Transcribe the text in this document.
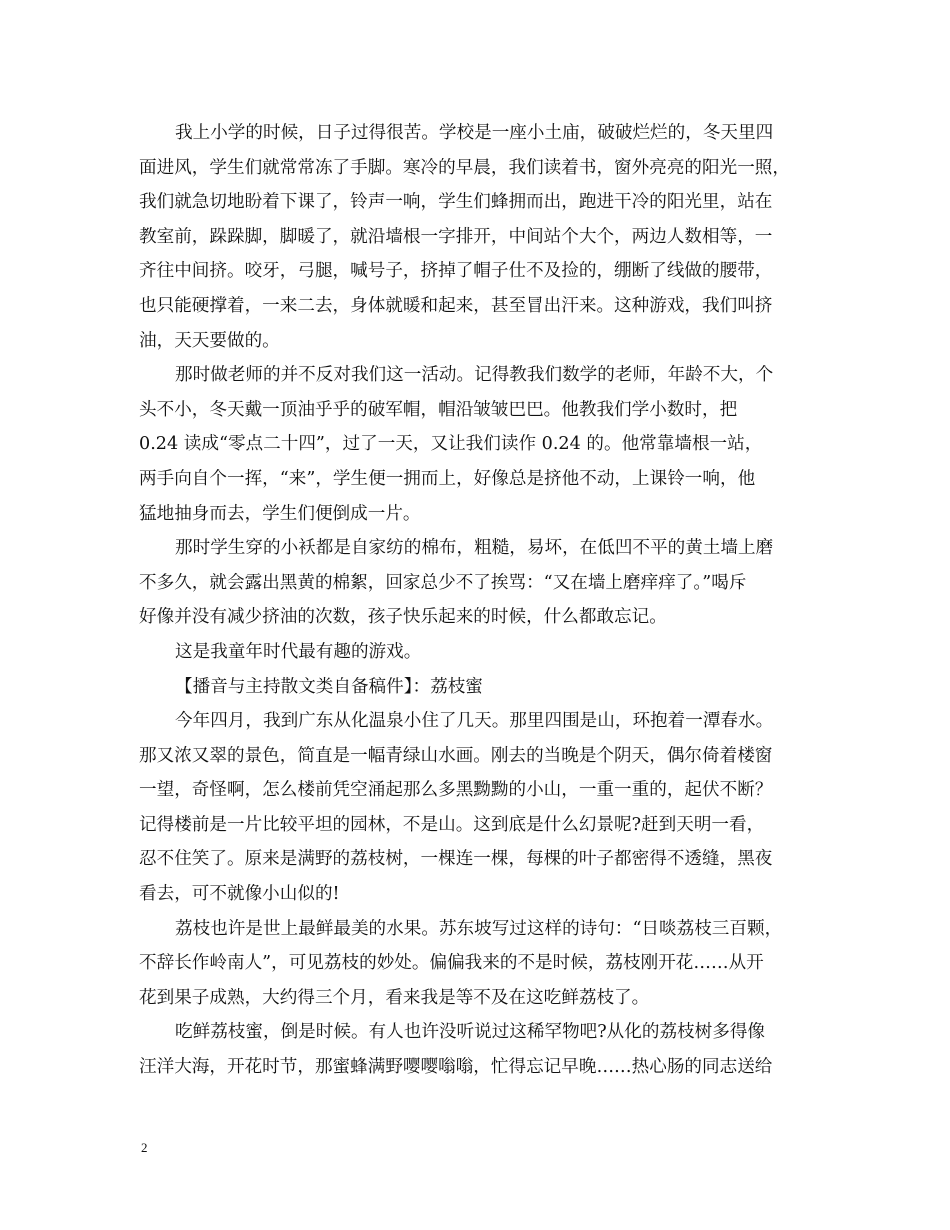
我上小学的时候，日子过得很苦。学校是一座小土庙，破破烂烂的，冬天里四
面进风，学生们就常常冻了手脚。寒冷的早晨，我们读着书，窗外亮亮的阳光一照，
我们就急切地盼着下课了，铃声一响，学生们蜂拥而出，跑进干冷的阳光里，站在
教室前，跺跺脚，脚暖了，就沿墙根一字排开，中间站个大个，两边人数相等，一
齐往中间挤。咬牙，弓腿，喊号子，挤掉了帽子仕不及捡的，绷断了线做的腰带，
也只能硬撑着，一来二去，身体就暖和起来，甚至冒出汗来。这种游戏，我们叫挤
油，天天要做的。
那时做老师的并不反对我们这一活动。记得教我们数学的老师，年龄不大，个
头不小，冬天戴一顶油乎乎的破军帽，帽沿皱皱巴巴。他教我们学小数时，把
0.24 读成“零点二十四”，过了一天，又让我们读作 0.24 的。他常靠墙根一站，
两手向自个一挥，“来”，学生便一拥而上，好像总是挤他不动，上课铃一响，他
猛地抽身而去，学生们便倒成一片。
那时学生穿的小袄都是自家纺的棉布，粗糙，易坏，在低凹不平的黄土墙上磨
不多久，就会露出黑黄的棉絮，回家总少不了挨骂：“又在墙上磨痒痒了。”喝斥
好像并没有减少挤油的次数，孩子快乐起来的时候，什么都敢忘记。
这是我童年时代最有趣的游戏。
【播音与主持散文类自备稿件】：荔枝蜜
今年四月，我到广东从化温泉小住了几天。那里四围是山，环抱着一潭春水。
那又浓又翠的景色，简直是一幅青绿山水画。刚去的当晚是个阴天，偶尔倚着楼窗
一望，奇怪啊，怎么楼前凭空涌起那么多黑黝黝的小山，一重一重的，起伏不断？
记得楼前是一片比较平坦的园林，不是山。这到底是什么幻景呢?赶到天明一看，
忍不住笑了。原来是满野的荔枝树，一棵连一棵，每棵的叶子都密得不透缝，黑夜
看去，可不就像小山似的!
荔枝也许是世上最鲜最美的水果。苏东坡写过这样的诗句：“日啖荔枝三百颗，
不辞长作岭南人”，可见荔枝的妙处。偏偏我来的不是时候，荔枝刚开花……从开
花到果子成熟，大约得三个月，看来我是等不及在这吃鲜荔枝了。
吃鲜荔枝蜜，倒是时候。有人也许没听说过这稀罕物吧?从化的荔枝树多得像
汪洋大海，开花时节，那蜜蜂满野嘤嘤嗡嗡，忙得忘记早晚……热心肠的同志送给
2
